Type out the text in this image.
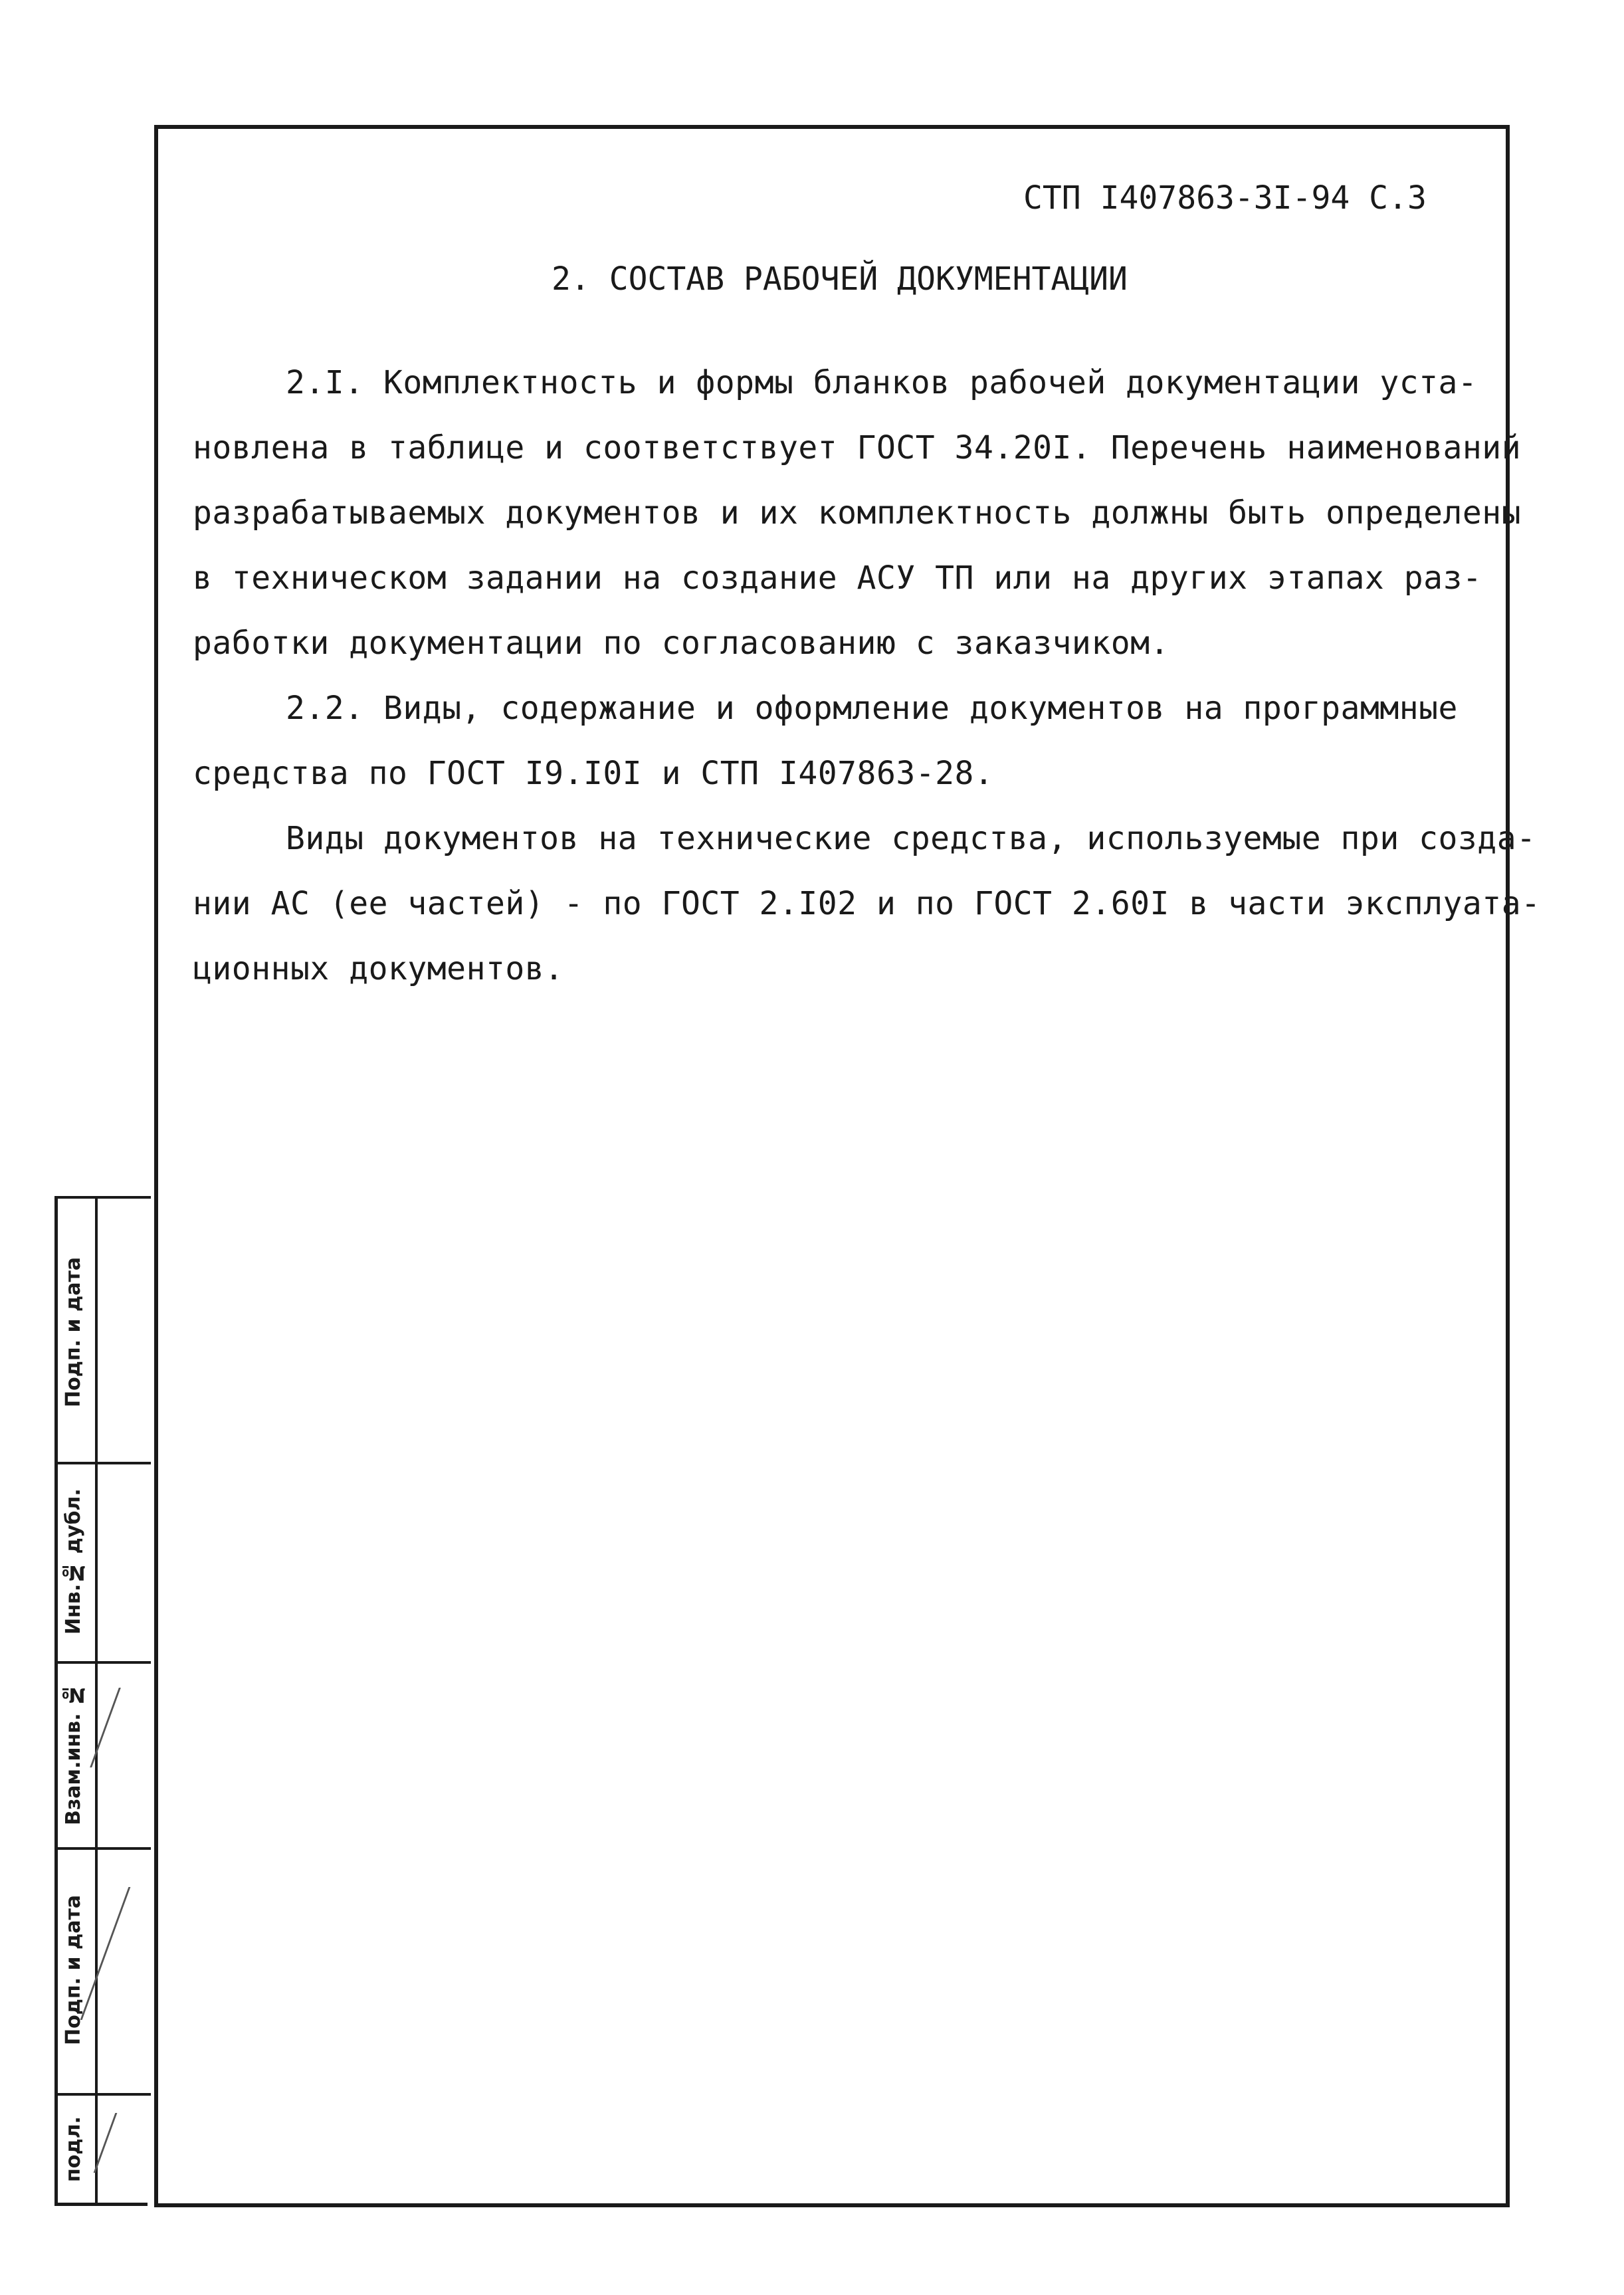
СТП I407863-3I-94 С.3
2. СОСТАВ РАБОЧЕЙ ДОКУМЕНТАЦИИ
2.I. Комплектность и формы бланков рабочей документации уста-
новлена в таблице и соответствует ГОСТ 34.20I. Перечень наименований
разрабатываемых документов и их комплектность должны быть определены
в техническом задании на создание АСУ ТП или на других этапах раз-
работки документации по согласованию с заказчиком.
2.2. Виды, содержание и оформление документов на программные
средства по ГОСТ I9.I0I и СТП I407863-28.
Виды документов на технические средства, используемые при созда-
нии АС (ее частей) - по ГОСТ 2.I02 и по ГОСТ 2.60I в части эксплуата-
ционных документов.
Подп. и дата
Инв.№ дубл.
Взам.инв. №
Подп. и дата
подл.
